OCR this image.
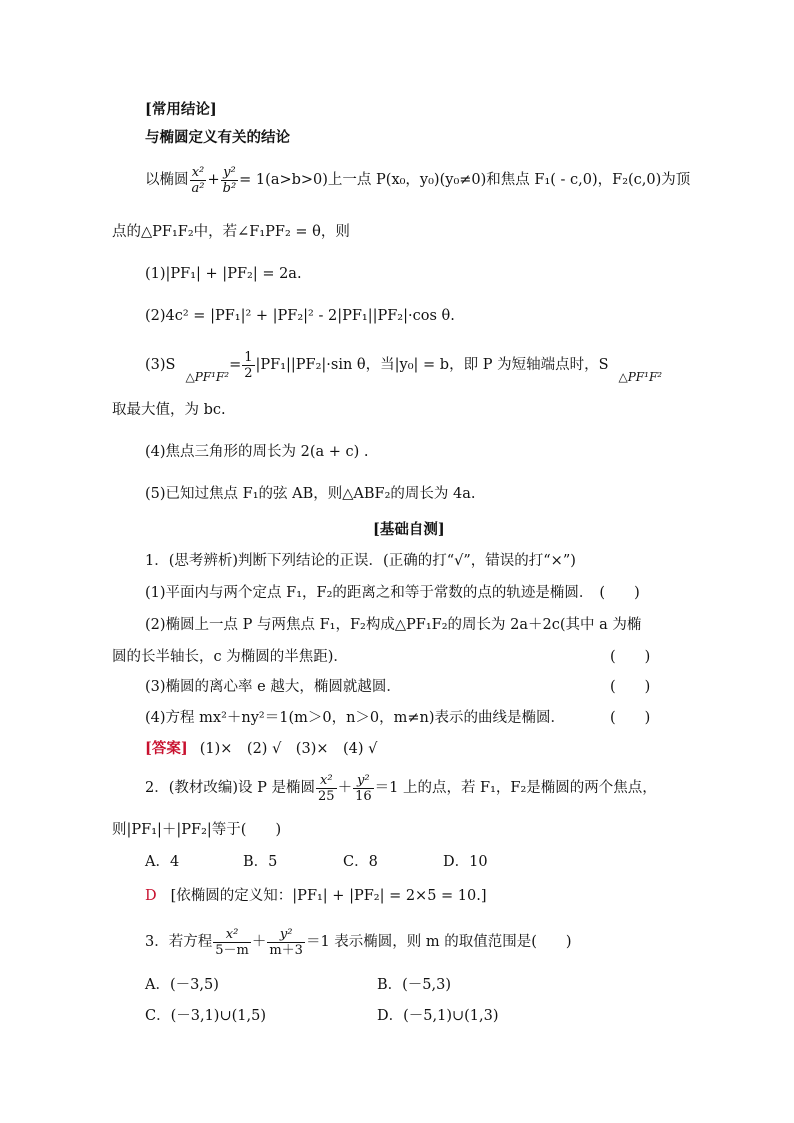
[常用结论]
与椭圆定义有关的结论
以椭圆 $\frac{\text{x²}}{\text{a²}} + \frac{\text{y²}}{\text{b²}} = 1(a>b>0)$上一点 P(x₀，y₀)(y₀≠0)和焦点 F₁( - c,0)，F₂(c,0)为顶
点的△PF₁F₂中，若∠F₁PF₂ = θ，则
(1)|PF₁| + |PF₂| = 2a.
(2)4c² = |PF₁|² + |PF₂|² - 2|PF₁||PF₂|·cos θ.
$(3)S_{\triangle PF^1F^2}= \frac{1}{2} |PF_1||PF_2|\cdot\sin$ θ，当|y₀| = b，即 P 为短轴端点时，$S_{\triangle PF^1F^2}$
取最大值，为 bc.
(4)焦点三角形的周长为 2(a + c) .
(5)已知过焦点 F₁的弦 AB，则△ABF₂的周长为 4a.
[基础自测]
1．(思考辨析)判断下列结论的正误．(正确的打“√”，错误的打“×”)
(1)平面内与两个定点 F₁，F₂的距离之和等于常数的点的轨迹是椭圆． (　　)
(2)椭圆上一点 P 与两焦点 F₁，F₂构成△PF₁F₂的周长为 2a＋2c(其中 a 为椭
圆的长半轴长，c 为椭圆的半焦距)．	(　　)
(3)椭圆的离心率 e 越大，椭圆就越圆．	(　　)
(4)方程 mx²＋ny²＝1(m＞0，n＞0，m≠n)表示的曲线是椭圆．	(　　)
[答案] (1)×　(2) √　(3)×　(4) √
2．(教材改编)设 P 是椭圆 $\frac{\text{x²}}{25} + \frac{\text{y²}}{16} =1$ 上的点，若 F₁，F₂是椭圆的两个焦点，
则|PF₁|＋|PF₂|等于(　　)
A．4	B．5	C．8	D．10
D [依椭圆的定义知：|PF₁| + |PF₂| = 2×5 = 10.]
3．若方程 $\frac{\text{x²}}{5-m} + \frac{\text{y²}}{m+3} =1$ 表示椭圆，则 m 的取值范围是(　　)
A．(－3,5)	B．(－5,3)
C．(－3,1)∪(1,5)	D．(－5,1)∪(1,3)
